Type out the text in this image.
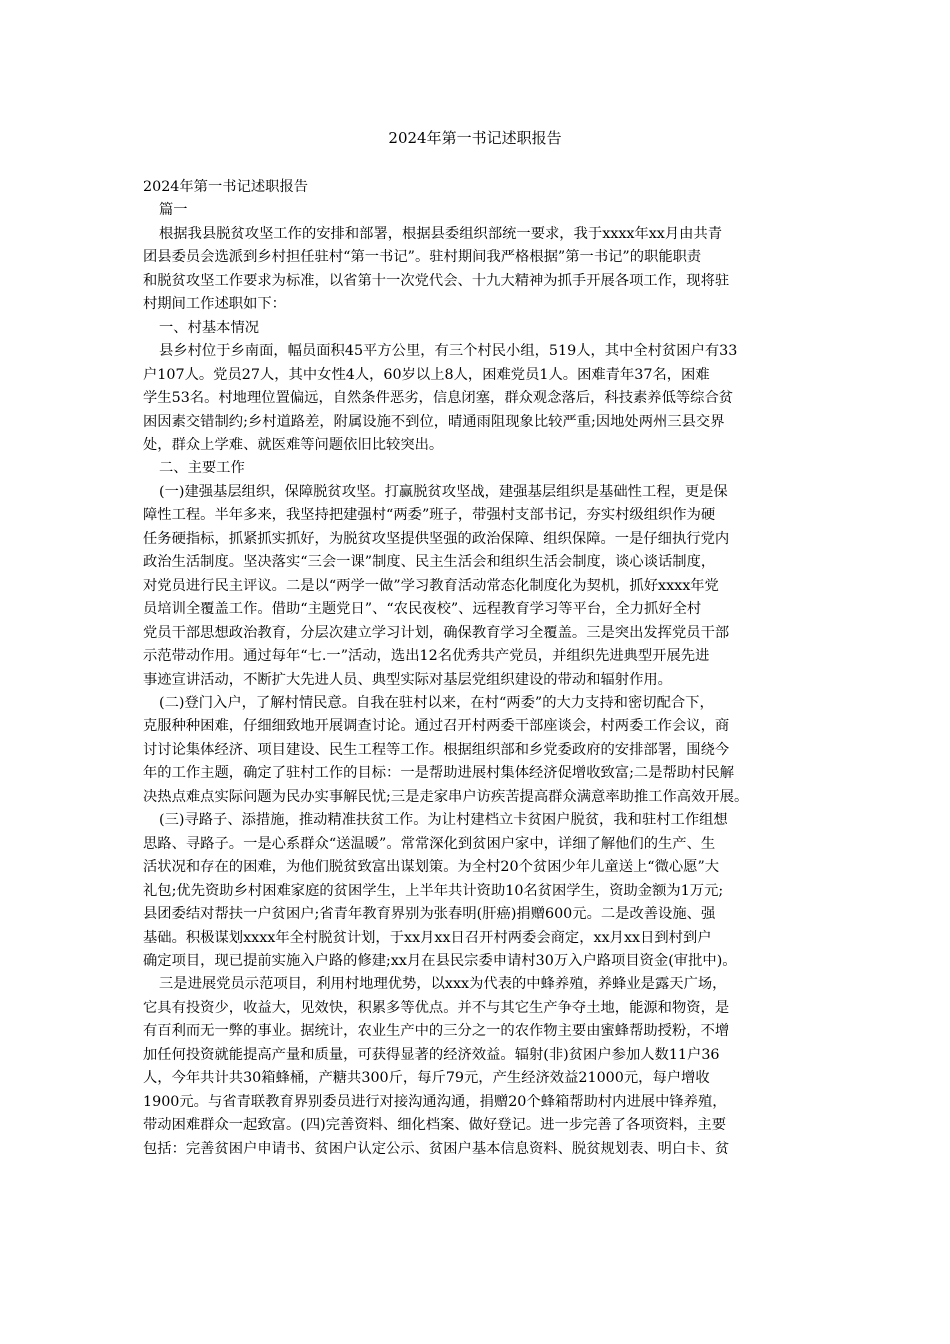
2024年第一书记述职报告
2024年第一书记述职报告
篇一
根据我县脱贫攻坚工作的安排和部署，根据县委组织部统一要求，我于xxxx年xx月由共青
团县委员会选派到乡村担任驻村“第一书记”。驻村期间我严格根据”第一书记”的职能职责
和脱贫攻坚工作要求为标准，以省第十一次党代会、十九大精神为抓手开展各项工作，现将驻
村期间工作述职如下：
一、村基本情况
县乡村位于乡南面，幅员面积45平方公里，有三个村民小组，519人，其中全村贫困户有33
户107人。党员27人，其中女性4人，60岁以上8人，困难党员1人。困难青年37名，困难
学生53名。村地理位置偏远，自然条件恶劣，信息闭塞，群众观念落后，科技素养低等综合贫
困因素交错制约;乡村道路差，附属设施不到位，晴通雨阻现象比较严重;因地处两州三县交界
处，群众上学难、就医难等问题依旧比较突出。
二、主要工作
(一)建强基层组织，保障脱贫攻坚。打赢脱贫攻坚战，建强基层组织是基础性工程，更是保
障性工程。半年多来，我坚持把建强村“两委”班子，带强村支部书记，夯实村级组织作为硬
任务硬指标，抓紧抓实抓好，为脱贫攻坚提供坚强的政治保障、组织保障。一是仔细执行党内
政治生活制度。坚决落实“三会一课”制度、民主生活会和组织生活会制度，谈心谈话制度，
对党员进行民主评议。二是以“两学一做”学习教育活动常态化制度化为契机，抓好xxxx年党
员培训全覆盖工作。借助“主题党日”、“农民夜校”、远程教育学习等平台，全力抓好全村
党员干部思想政治教育，分层次建立学习计划，确保教育学习全覆盖。三是突出发挥党员干部
示范带动作用。通过每年“七.一”活动，选出12名优秀共产党员，并组织先进典型开展先进
事迹宣讲活动，不断扩大先进人员、典型实际对基层党组织建设的带动和辐射作用。
(二)登门入户，了解村情民意。自我在驻村以来，在村“两委”的大力支持和密切配合下，
克服种种困难，仔细细致地开展调查讨论。通过召开村两委干部座谈会，村两委工作会议，商
讨讨论集体经济、项目建设、民生工程等工作。根据组织部和乡党委政府的安排部署，围绕今
年的工作主题，确定了驻村工作的目标：一是帮助进展村集体经济促增收致富;二是帮助村民解
决热点难点实际问题为民办实事解民忧;三是走家串户访疾苦提高群众满意率助推工作高效开展。
(三)寻路子、添措施，推动精准扶贫工作。为让村建档立卡贫困户脱贫，我和驻村工作组想
思路、寻路子。一是心系群众“送温暖”。常常深化到贫困户家中，详细了解他们的生产、生
活状况和存在的困难，为他们脱贫致富出谋划策。为全村20个贫困少年儿童送上“微心愿”大
礼包;优先资助乡村困难家庭的贫困学生，上半年共计资助10名贫困学生，资助金额为1万元;
县团委结对帮扶一户贫困户;省青年教育界别为张春明(肝癌)捐赠600元。二是改善设施、强
基础。积极谋划xxxx年全村脱贫计划，于xx月xx日召开村两委会商定，xx月xx日到村到户
确定项目，现已提前实施入户路的修建;xx月在县民宗委申请村30万入户路项目资金(审批中)。
三是进展党员示范项目，利用村地理优势，以xxx为代表的中蜂养殖，养蜂业是露天广场，
它具有投资少，收益大，见效快，积累多等优点。并不与其它生产争夺土地，能源和物资，是
有百利而无一弊的事业。据统计，农业生产中的三分之一的农作物主要由蜜蜂帮助授粉，不增
加任何投资就能提高产量和质量，可获得显著的经济效益。辐射(非)贫困户参加人数11户36
人，今年共计共30箱蜂桶，产糖共300斤，每斤79元，产生经济效益21000元，每户增收
1900元。与省青联教育界别委员进行对接沟通沟通，捐赠20个蜂箱帮助村内进展中锋养殖，
带动困难群众一起致富。(四)完善资料、细化档案、做好登记。进一步完善了各项资料，主要
包括：完善贫困户申请书、贫困户认定公示、贫困户基本信息资料、脱贫规划表、明白卡、贫
